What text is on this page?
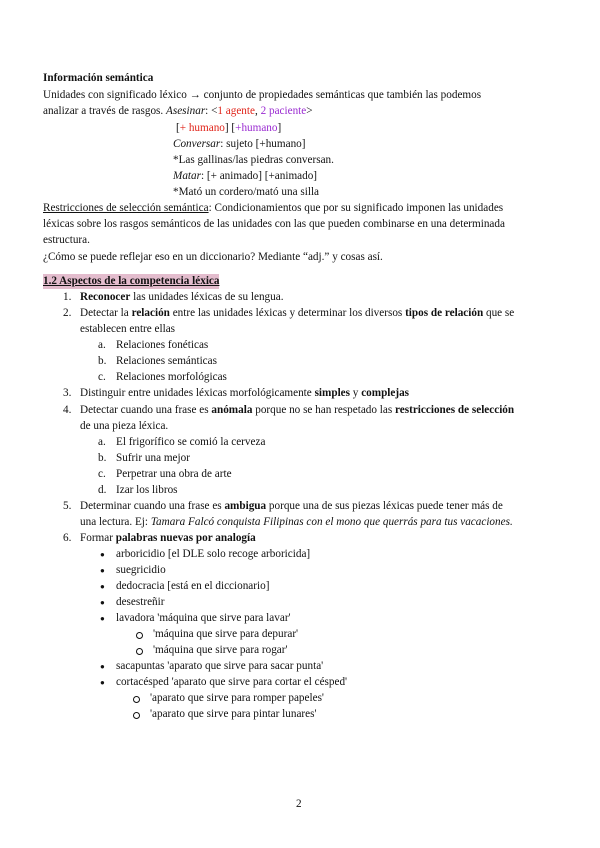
Información semántica
Unidades con significado léxico → conjunto de propiedades semánticas que también las podemos
analizar a través de rasgos. Asesinar: <1 agente, 2 paciente>
[+ humano] [+humano]
Conversar: sujeto [+humano]
*Las gallinas/las piedras conversan.
Matar: [+ animado] [+animado]
*Mató un cordero/mató una silla
Restricciones de selección semántica: Condicionamientos que por su significado imponen las unidades
léxicas sobre los rasgos semánticos de las unidades con las que pueden combinarse en una determinada
estructura.
¿Cómo se puede reflejar eso en un diccionario? Mediante “adj.” y cosas así.
1.2 Aspectos de la competencia léxica
1. Reconocer las unidades léxicas de su lengua.
2. Detectar la relación entre las unidades léxicas y determinar los diversos tipos de relación que se
establecen entre ellas
a. Relaciones fonéticas
b. Relaciones semánticas
c. Relaciones morfológicas
3. Distinguir entre unidades léxicas morfológicamente simples y complejas
4. Detectar cuando una frase es anómala porque no se han respetado las restricciones de selección
de una pieza léxica.
a. El frigorífico se comió la cerveza
b. Sufrir una mejor
c. Perpetrar una obra de arte
d. Izar los libros
5. Determinar cuando una frase es ambigua porque una de sus piezas léxicas puede tener más de
una lectura. Ej: Tamara Falcó conquista Filipinas con el mono que querrás para tus vacaciones.
6. Formar palabras nuevas por analogía
● arboricidio [el DLE solo recoge arboricida]
● suegricidio
● dedocracia [está en el diccionario]
● desestreñir
● lavadora 'máquina que sirve para lavar'
'máquina que sirve para depurar'
'máquina que sirve para rogar'
● sacapuntas 'aparato que sirve para sacar punta'
● cortacésped 'aparato que sirve para cortar el césped'
'aparato que sirve para romper papeles'
'aparato que sirve para pintar lunares'
2
